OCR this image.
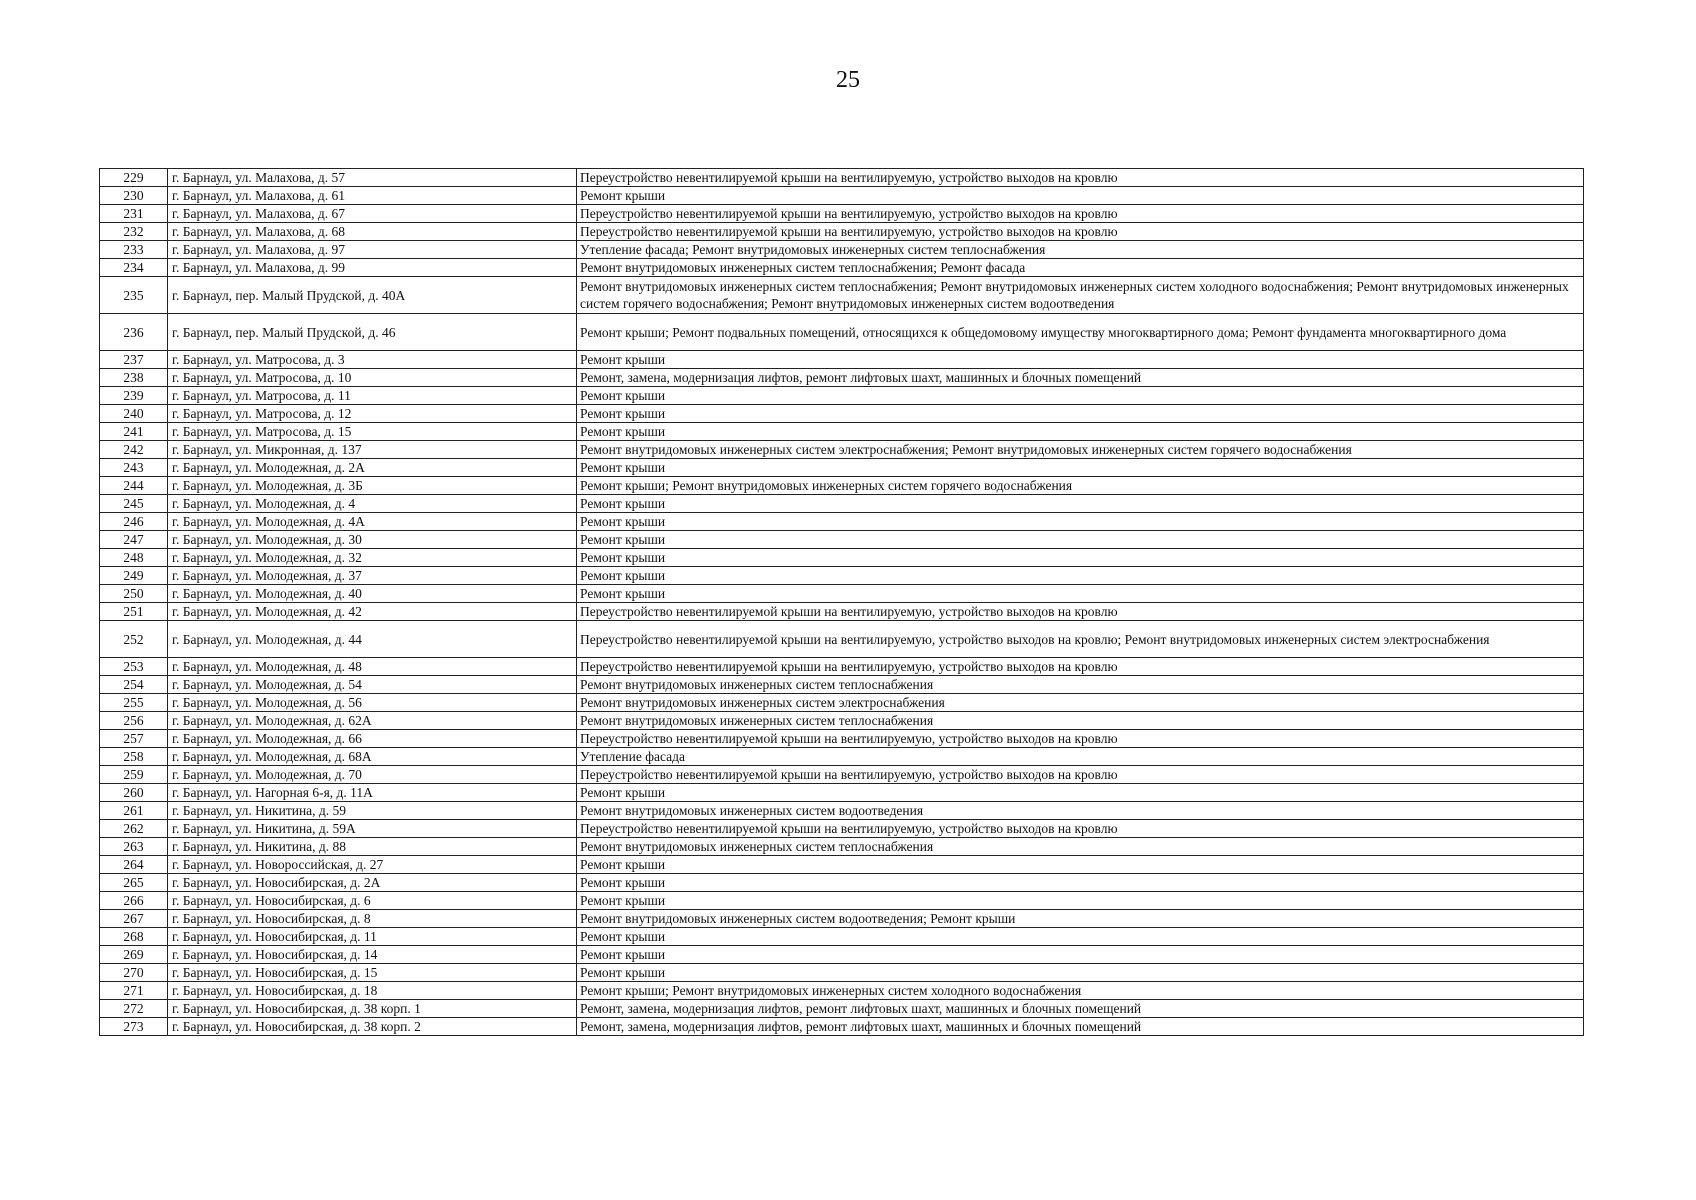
25
229	г. Барнаул, ул. Малахова, д. 57	Переустройство невентилируемой крыши на вентилируемую, устройство выходов на кровлю
230	г. Барнаул, ул. Малахова, д. 61	Ремонт крыши
231	г. Барнаул, ул. Малахова, д. 67	Переустройство невентилируемой крыши на вентилируемую, устройство выходов на кровлю
232	г. Барнаул, ул. Малахова, д. 68	Переустройство невентилируемой крыши на вентилируемую, устройство выходов на кровлю
233	г. Барнаул, ул. Малахова, д. 97	Утепление фасада; Ремонт внутридомовых инженерных систем теплоснабжения
234	г. Барнаул, ул. Малахова, д. 99	Ремонт внутридомовых инженерных систем теплоснабжения; Ремонт фасада
235	г. Барнаул, пер. Малый Прудской, д. 40А	Ремонт внутридомовых инженерных систем теплоснабжения; Ремонт внутридомовых инженерных систем холодного водоснабжения; Ремонт внутридомовых инженерных систем горячего водоснабжения; Ремонт внутридомовых инженерных систем водоотведения
236	г. Барнаул, пер. Малый Прудской, д. 46	Ремонт крыши; Ремонт подвальных помещений, относящихся к общедомовому имуществу многоквартирного дома; Ремонт фундамента многоквартирного дома
237	г. Барнаул, ул. Матросова, д. 3	Ремонт крыши
238	г. Барнаул, ул. Матросова, д. 10	Ремонт, замена, модернизация лифтов, ремонт лифтовых шахт, машинных и блочных помещений
239	г. Барнаул, ул. Матросова, д. 11	Ремонт крыши
240	г. Барнаул, ул. Матросова, д. 12	Ремонт крыши
241	г. Барнаул, ул. Матросова, д. 15	Ремонт крыши
242	г. Барнаул, ул. Микронная, д. 137	Ремонт внутридомовых инженерных систем электроснабжения; Ремонт внутридомовых инженерных систем горячего водоснабжения
243	г. Барнаул, ул. Молодежная, д. 2А	Ремонт крыши
244	г. Барнаул, ул. Молодежная, д. 3Б	Ремонт крыши; Ремонт внутридомовых инженерных систем горячего водоснабжения
245	г. Барнаул, ул. Молодежная, д. 4	Ремонт крыши
246	г. Барнаул, ул. Молодежная, д. 4А	Ремонт крыши
247	г. Барнаул, ул. Молодежная, д. 30	Ремонт крыши
248	г. Барнаул, ул. Молодежная, д. 32	Ремонт крыши
249	г. Барнаул, ул. Молодежная, д. 37	Ремонт крыши
250	г. Барнаул, ул. Молодежная, д. 40	Ремонт крыши
251	г. Барнаул, ул. Молодежная, д. 42	Переустройство невентилируемой крыши на вентилируемую, устройство выходов на кровлю
252	г. Барнаул, ул. Молодежная, д. 44	Переустройство невентилируемой крыши на вентилируемую, устройство выходов на кровлю; Ремонт внутридомовых инженерных систем электроснабжения
253	г. Барнаул, ул. Молодежная, д. 48	Переустройство невентилируемой крыши на вентилируемую, устройство выходов на кровлю
254	г. Барнаул, ул. Молодежная, д. 54	Ремонт внутридомовых инженерных систем теплоснабжения
255	г. Барнаул, ул. Молодежная, д. 56	Ремонт внутридомовых инженерных систем электроснабжения
256	г. Барнаул, ул. Молодежная, д. 62А	Ремонт внутридомовых инженерных систем теплоснабжения
257	г. Барнаул, ул. Молодежная, д. 66	Переустройство невентилируемой крыши на вентилируемую, устройство выходов на кровлю
258	г. Барнаул, ул. Молодежная, д. 68А	Утепление фасада
259	г. Барнаул, ул. Молодежная, д. 70	Переустройство невентилируемой крыши на вентилируемую, устройство выходов на кровлю
260	г. Барнаул, ул. Нагорная 6-я, д. 11А	Ремонт крыши
261	г. Барнаул, ул. Никитина, д. 59	Ремонт внутридомовых инженерных систем водоотведения
262	г. Барнаул, ул. Никитина, д. 59А	Переустройство невентилируемой крыши на вентилируемую, устройство выходов на кровлю
263	г. Барнаул, ул. Никитина, д. 88	Ремонт внутридомовых инженерных систем теплоснабжения
264	г. Барнаул, ул. Новороссийская, д. 27	Ремонт крыши
265	г. Барнаул, ул. Новосибирская, д. 2А	Ремонт крыши
266	г. Барнаул, ул. Новосибирская, д. 6	Ремонт крыши
267	г. Барнаул, ул. Новосибирская, д. 8	Ремонт внутридомовых инженерных систем водоотведения; Ремонт крыши
268	г. Барнаул, ул. Новосибирская, д. 11	Ремонт крыши
269	г. Барнаул, ул. Новосибирская, д. 14	Ремонт крыши
270	г. Барнаул, ул. Новосибирская, д. 15	Ремонт крыши
271	г. Барнаул, ул. Новосибирская, д. 18	Ремонт крыши; Ремонт внутридомовых инженерных систем холодного водоснабжения
272	г. Барнаул, ул. Новосибирская, д. 38 корп. 1	Ремонт, замена, модернизация лифтов, ремонт лифтовых шахт, машинных и блочных помещений
273	г. Барнаул, ул. Новосибирская, д. 38 корп. 2	Ремонт, замена, модернизация лифтов, ремонт лифтовых шахт, машинных и блочных помещений
